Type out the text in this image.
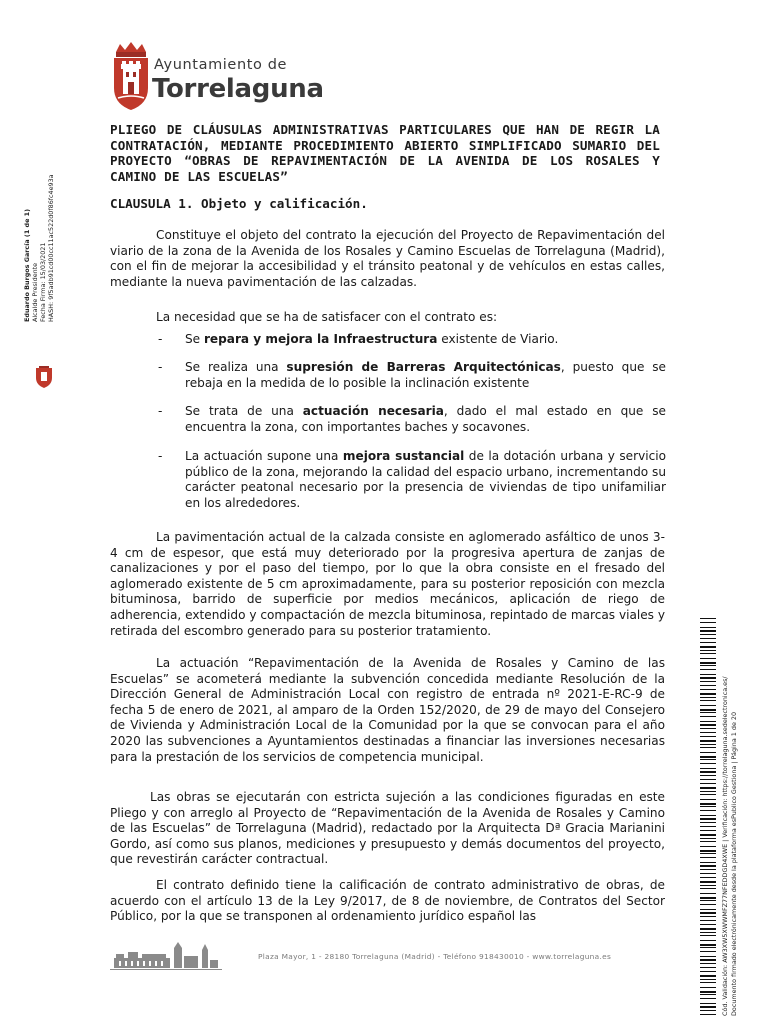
Ayuntamiento de
Torrelaguna
Eduardo Burgos García (1 de 1) Alcalde Presidente Fecha Firma: 15/03/2021 HASH: 9f5adb91cd00cc11ac522d0f86fc4e93a
PLIEGO DE CLÁUSULAS ADMINISTRATIVAS PARTICULARES QUE HAN DE REGIR LA CONTRATACIÓN, MEDIANTE PROCEDIMIENTO ABIERTO SIMPLIFICADO SUMARIO DEL PROYECTO “OBRAS DE REPAVIMENTACIÓN DE LA AVENIDA DE LOS ROSALES Y CAMINO DE LAS ESCUELAS”
CLAUSULA 1. Objeto y calificación.
Constituye el objeto del contrato la ejecución del Proyecto de Repavimentación del viario de la zona de la Avenida de los Rosales y Camino Escuelas de Torrelaguna (Madrid), con el fin de mejorar la accesibilidad y el tránsito peatonal y de vehículos en estas calles, mediante la nueva pavimentación de las calzadas.
La necesidad que se ha de satisfacer con el contrato es:
- Se repara y mejora la Infraestructura existente de Viario.
- Se realiza una supresión de Barreras Arquitectónicas, puesto que se rebaja en la medida de lo posible la inclinación existente
- Se trata de una actuación necesaria, dado el mal estado en que se encuentra la zona, con importantes baches y socavones.
- La actuación supone una mejora sustancial de la dotación urbana y servicio público de la zona, mejorando la calidad del espacio urbano, incrementando su carácter peatonal necesario por la presencia de viviendas de tipo unifamiliar en los alrededores.
La pavimentación actual de la calzada consiste en aglomerado asfáltico de unos 3-4 cm de espesor, que está muy deteriorado por la progresiva apertura de zanjas de canalizaciones y por el paso del tiempo, por lo que la obra consiste en el fresado del aglomerado existente de 5 cm aproximadamente, para su posterior reposición con mezcla bituminosa, barrido de superficie por medios mecánicos, aplicación de riego de adherencia, extendido y compactación de mezcla bituminosa, repintado de marcas viales y retirada del escombro generado para su posterior tratamiento.
La actuación “Repavimentación de la Avenida de Rosales y Camino de las Escuelas” se acometerá mediante la subvención concedida mediante Resolución de la Dirección General de Administración Local con registro de entrada nº 2021-E-RC-9 de fecha 5 de enero de 2021, al amparo de la Orden 152/2020, de 29 de mayo del Consejero de Vivienda y Administración Local de la Comunidad por la que se convocan para el año 2020 las subvenciones a Ayuntamientos destinadas a financiar las inversiones necesarias para la prestación de los servicios de competencia municipal.
Las obras se ejecutarán con estricta sujeción a las condiciones figuradas en este Pliego y con arreglo al Proyecto de “Repavimentación de la Avenida de Rosales y Camino de las Escuelas” de Torrelaguna (Madrid), redactado por la Arquitecta Dª Gracia Marianini Gordo, así como sus planos, mediciones y presupuesto y demás documentos del proyecto, que revestirán carácter contractual.
El contrato definido tiene la calificación de contrato administrativo de obras, de acuerdo con el artículo 13 de la Ley 9/2017, de 8 de noviembre, de Contratos del Sector Público, por la que se transponen al ordenamiento jurídico español las	Cód. Validación: AW3XW5XWWMFZ77NFEDDGD4XWE | Verificación: https://torrelaguna.sedelectronica.es/ Documento firmado electrónicamente desde la plataforma esPublico Gestiona | Página 1 de 20
Plaza Mayor, 1 - 28180 Torrelaguna (Madrid) - Teléfono 918430010 - www.torrelaguna.es
